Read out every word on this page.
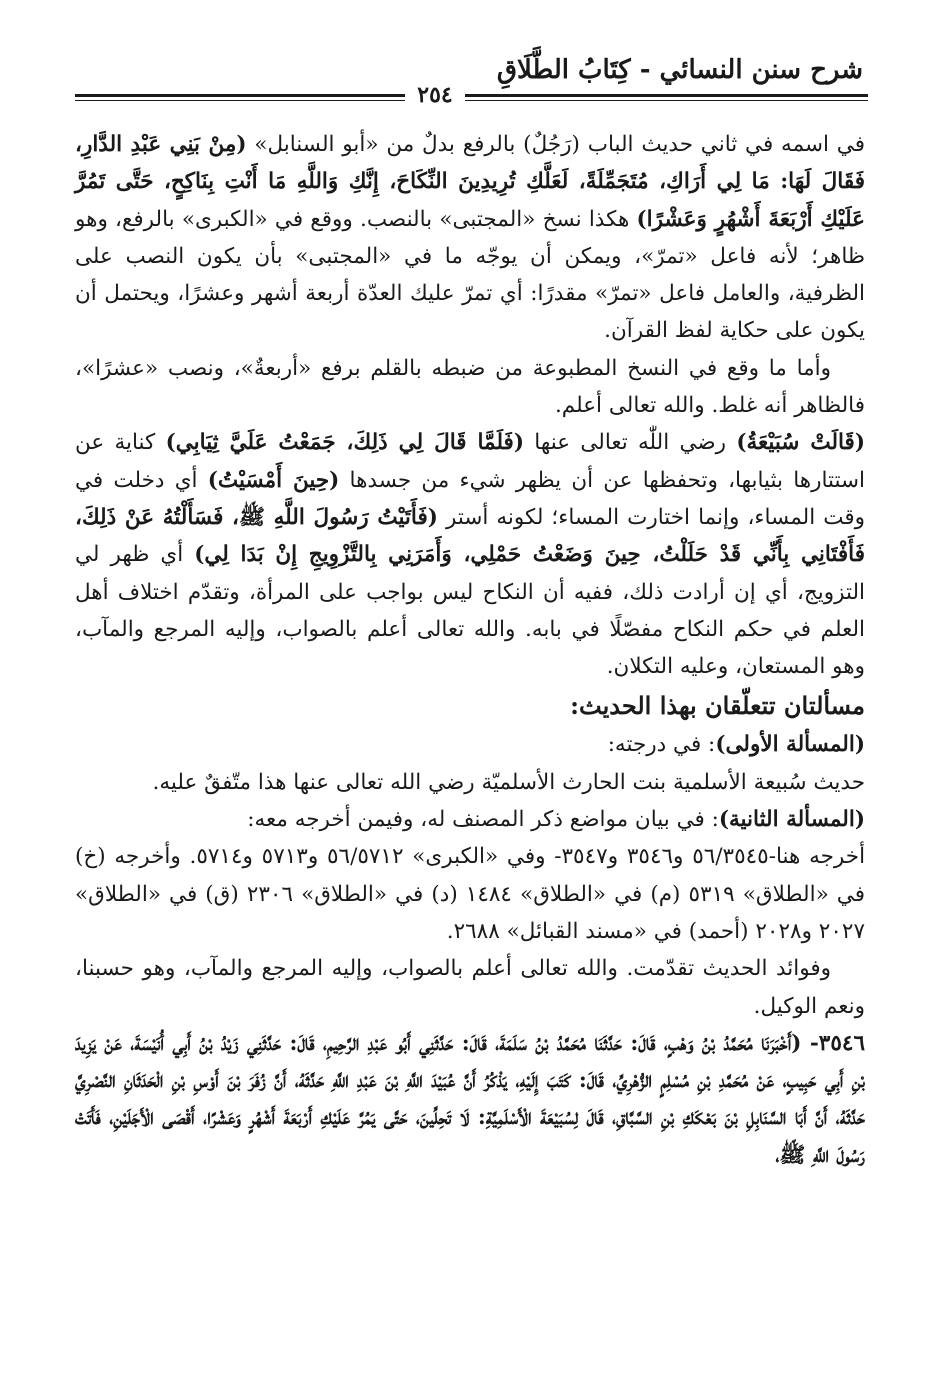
شرح سنن النسائي - كِتَابُ الطَّلَاقِ
٢٥٤

في اسمه في ثاني حديث الباب (رَجُلٌ) بالرفع بدلٌ من «أبو السنابل» (مِنْ بَنِي عَبْدِ الدَّارِ، فَقَالَ لَهَا: مَا لِي أَرَاكِ، مُتَجَمِّلَةً، لَعَلَّكِ تُرِيدِينَ النِّكَاحَ، إِنَّكِ وَاللَّهِ مَا أَنْتِ بِنَاكِحٍ، حَتَّى تَمُرَّ عَلَيْكِ أَرْبَعَةَ أَشْهُرٍ وَعَشْرًا) هكذا نسخ «المجتبى» بالنصب. ووقع في «الكبرى» بالرفع، وهو ظاهر؛ لأنه فاعل «تمرّ»، ويمكن أن يوجّه ما في «المجتبى» بأن يكون النصب على الظرفية، والعامل فاعل «تمرّ» مقدرًا: أي تمرّ عليك العدّة أربعة أشهر وعشرًا، ويحتمل أن يكون على حكاية لفظ القرآن.

وأما ما وقع في النسخ المطبوعة من ضبطه بالقلم برفع «أربعةٌ»، ونصب «عشرًا»، فالظاهر أنه غلط. والله تعالى أعلم.

(قَالَتْ سُبَيْعَةُ) رضي اللّٰه تعالى عنها (فَلَمَّا قَالَ لِي ذَلِكَ، جَمَعْتُ عَلَيَّ ثِيَابِي) كناية عن استتارها بثيابها، وتحفظها عن أن يظهر شيء من جسدها (حِينَ أَمْسَيْتُ) أي دخلت في وقت المساء، وإنما اختارت المساء؛ لكونه أستر (فَأَتَيْتُ رَسُولَ اللَّهِ ﷺ، فَسَأَلْتُهُ عَنْ ذَلِكَ، فَأَفْتَانِي بِأَنِّي قَدْ حَلَلْتُ، حِينَ وَضَعْتُ حَمْلِي، وَأَمَرَنِي بِالتَّزْوِيجِ إِنْ بَدَا لِي) أي ظهر لي التزويج، أي إن أرادت ذلك، ففيه أن النكاح ليس بواجب على المرأة، وتقدّم اختلاف أهل العلم في حكم النكاح مفصّلًا في بابه. والله تعالى أعلم بالصواب، وإليه المرجع والمآب، وهو المستعان، وعليه التكلان.

مسألتان تتعلّقان بهذا الحديث:

(المسألة الأولى): في درجته:

حديث سُبيعة الأسلمية بنت الحارث الأسلميّة رضي الله تعالى عنها هذا متّفقٌ عليه.

(المسألة الثانية): في بيان مواضع ذكر المصنف له، وفيمن أخرجه معه:

أخرجه هنا-٥٦/٣٥٤٥ و٣٥٤٦ و٣٥٤٧- وفي «الكبرى» ٥٦/٥٧١٢ و٥٧١٣ و٥٧١٤. وأخرجه (خ) في «الطلاق» ٥٣١٩ (م) في «الطلاق» ١٤٨٤ (د) في «الطلاق» ٢٣٠٦ (ق) في «الطلاق» ٢٠٢٧ و٢٠٢٨ (أحمد) في «مسند القبائل» ٢٦٨٨.

وفوائد الحديث تقدّمت. والله تعالى أعلم بالصواب، وإليه المرجع والمآب، وهو حسبنا، ونعم الوكيل.

٣٥٤٦- (أَخْبَرَنَا مُحَمَّدُ بْنُ وَهْبٍ، قَالَ: حَدَّثَنَا مُحَمَّدُ بْنُ سَلَمَةَ، قَالَ: حَدَّثَنِي أَبُو عَبْدِ الرَّحِيمِ، قَالَ: حَدَّثَنِي زَيْدُ بْنُ أَبِي أُنَيْسَةَ، عَنْ يَزِيدَ بْنِ أَبِي حَبِيبٍ، عَنْ مُحَمَّدِ بْنِ مُسْلِمٍ الزُّهْرِيِّ، قَالَ: كَتَبَ إِلَيْهِ، يَذْكُرُ أَنَّ عُبَيْدَ اللَّهِ بْنَ عَبْدِ اللَّهِ حَدَّثَهُ، أَنَّ زُفَرَ بْنَ أَوْسِ بْنِ الْحَدَثَانِ النَّصْرِيَّ حَدَّثَهُ، أَنَّ أَبَا السَّنَابِلِ بْنَ بَعْكَكِ بْنِ السَّبَّاقِ، قَالَ لِسُبَيْعَةَ الْأَسْلَمِيَّةِ: لَا تَحِلِّينَ، حَتَّى يَمُرَّ عَلَيْكِ أَرْبَعَةَ أَشْهُرٍ وَعَشْرًا، أَقْصَى الْأَجَلَيْنِ، فَأَتَتْ رَسُولَ اللَّهِ ﷺ،
